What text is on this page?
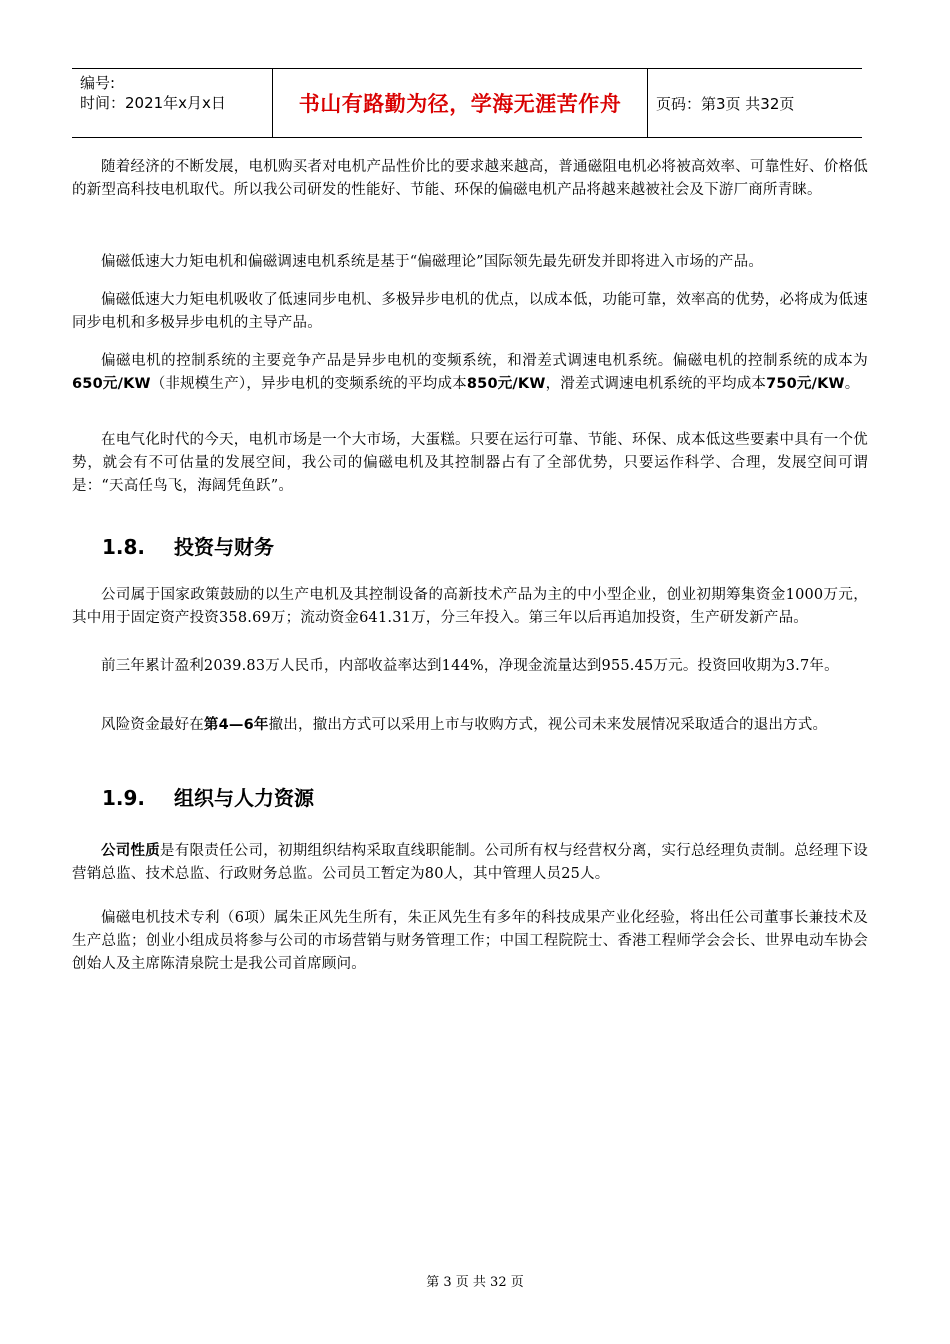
编号:
时间：2021年x月x日	书山有路勤为径，学海无涯苦作舟	页码：第3页 共32页

随着经济的不断发展，电机购买者对电机产品性价比的要求越来越高，普通磁阻电机必将被高效率、可靠性好、价格低的新型高科技电机取代。所以我公司研发的性能好、节能、环保的偏磁电机产品将越来越被社会及下游厂商所青睐。

偏磁低速大力矩电机和偏磁调速电机系统是基于“偏磁理论”国际领先最先研发并即将进入市场的产品。

偏磁低速大力矩电机吸收了低速同步电机、多极异步电机的优点，以成本低，功能可靠，效率高的优势，必将成为低速同步电机和多极异步电机的主导产品。

偏磁电机的控制系统的主要竞争产品是异步电机的变频系统，和滑差式调速电机系统。偏磁电机的控制系统的成本为650元/KW（非规模生产），异步电机的变频系统的平均成本850元/KW，滑差式调速电机系统的平均成本750元/KW。

在电气化时代的今天，电机市场是一个大市场，大蛋糕。只要在运行可靠、节能、环保、成本低这些要素中具有一个优势，就会有不可估量的发展空间，我公司的偏磁电机及其控制器占有了全部优势，只要运作科学、合理，发展空间可谓是：“天高任鸟飞，海阔凭鱼跃”。

1.8. 投资与财务

公司属于国家政策鼓励的以生产电机及其控制设备的高新技术产品为主的中小型企业，创业初期筹集资金1000万元，其中用于固定资产投资358.69万；流动资金641.31万，分三年投入。第三年以后再追加投资，生产研发新产品。

前三年累计盈利2039.83万人民币，内部收益率达到144%，净现金流量达到955.45万元。投资回收期为3.7年。

风险资金最好在第4—6年撤出，撤出方式可以采用上市与收购方式，视公司未来发展情况采取适合的退出方式。

1.9. 组织与人力资源

公司性质是有限责任公司，初期组织结构采取直线职能制。公司所有权与经营权分离，实行总经理负责制。总经理下设营销总监、技术总监、行政财务总监。公司员工暂定为80人，其中管理人员25人。

偏磁电机技术专利（6项）属朱正风先生所有，朱正风先生有多年的科技成果产业化经验，将出任公司董事长兼技术及生产总监；创业小组成员将参与公司的市场营销与财务管理工作；中国工程院院士、香港工程师学会会长、世界电动车协会创始人及主席陈清泉院士是我公司首席顾问。

第 3 页 共 32 页
